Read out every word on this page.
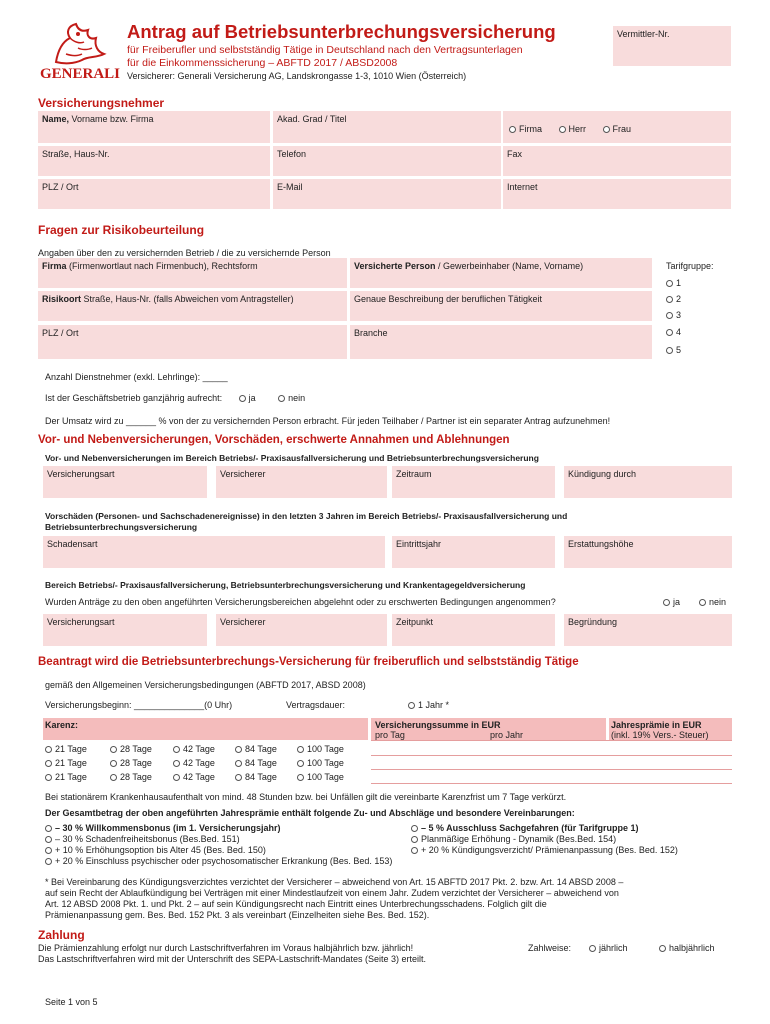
GENERALI
Antrag auf Betriebsunterbrechungsversicherung
für Freiberufler und selbstständig Tätige in Deutschland nach den Vertragsunterlagen
für die Einkommenssicherung – ABFTD 2017 / ABSD2008
Versicherer: Generali Versicherung AG, Landskrongasse 1-3, 1010 Wien (Österreich)
Vermittler-Nr.
Versicherungsnehmer
Name, Vorname bzw. Firma	Akad. Grad / Titel
Firma	Herr	Frau
Straße, Haus-Nr.	Telefon	Fax
PLZ / Ort	E-Mail	Internet
Fragen zur Risikobeurteilung
Angaben über den zu versichernden Betrieb / die zu versichernde Person
Firma (Firmenwortlaut nach Firmenbuch), Rechtsform	Versicherte Person / Gewerbeinhaber (Name, Vorname)	Tarifgruppe:
1
2
3
4
5
Risikoort Straße, Haus-Nr. (falls Abweichen vom Antragsteller)	Genaue Beschreibung der beruflichen Tätigkeit
PLZ / Ort	Branche
Anzahl Dienstnehmer (exkl. Lehrlinge): _____
Ist der Geschäftsbetrieb ganzjährig aufrecht:	ja	nein
Der Umsatz wird zu ______ % von der zu versichernden Person erbracht. Für jeden Teilhaber / Partner ist ein separater Antrag aufzunehmen!
Vor- und Nebenversicherungen, Vorschäden, erschwerte Annahmen und Ablehnungen
Vor- und Nebenversicherungen im Bereich Betriebs/- Praxisausfallversicherung und Betriebsunterbrechungsversicherung
Versicherungsart	Versicherer	Zeitraum	Kündigung durch
Vorschäden (Personen- und Sachschadenereignisse) in den letzten 3 Jahren im Bereich Betriebs/- Praxisausfallversicherung und
Betriebsunterbrechungsversicherung
Schadensart	Eintrittsjahr	Erstattungshöhe
Bereich Betriebs/- Praxisausfallversicherung, Betriebsunterbrechungsversicherung und Krankentagegeldversicherung
Wurden Anträge zu den oben angeführten Versicherungsbereichen abgelehnt oder zu erschwerten Bedingungen angenommen?	ja	nein
Versicherungsart	Versicherer	Zeitpunkt	Begründung
Beantragt wird die Betriebsunterbrechungs-Versicherung für freiberuflich und selbstständig Tätige
gemäß den Allgemeinen Versicherungsbedingungen (ABFTD 2017, ABSD 2008)
Versicherungsbeginn: ______________(0 Uhr)	Vertragsdauer:	1 Jahr *
Karenz:	Versicherungssumme in EUR
pro Tag	pro Jahr
Jahresprämie in EUR
(inkl. 19% Vers.- Steuer)
21 Tage	28 Tage	42 Tage	84 Tage	100 Tage
21 Tage	28 Tage	42 Tage	84 Tage	100 Tage
21 Tage	28 Tage	42 Tage	84 Tage	100 Tage
Bei stationärem Krankenhausaufenthalt von mind. 48 Stunden bzw. bei Unfällen gilt die vereinbarte Karenzfrist um 7 Tage verkürzt.
Der Gesamtbetrag der oben angeführten Jahresprämie enthält folgende Zu- und Abschläge und besondere Vereinbarungen:
– 30 % Willkommensbonus (im 1. Versicherungsjahr)
– 30 % Schadenfreiheitsbonus (Bes.Bed. 151)
+ 10 % Erhöhungsoption bis Alter 45 (Bes. Bed. 150)
+ 20 % Einschluss psychischer oder psychosomatischer Erkrankung (Bes. Bed. 153)
– 5 % Ausschluss Sachgefahren (für Tarifgruppe 1)
Planmäßige Erhöhung - Dynamik (Bes.Bed. 154)
+ 20 % Kündigungsverzicht/ Prämienanpassung (Bes. Bed. 152)
* Bei Vereinbarung des Kündigungsverzichtes verzichtet der Versicherer – abweichend von Art. 15 ABFTD 2017 Pkt. 2. bzw. Art. 14 ABSD 2008 –
auf sein Recht der Ablaufkündigung bei Verträgen mit einer Mindestlaufzeit von einem Jahr. Zudem verzichtet der Versicherer – abweichend von
Art. 12 ABSD 2008 Pkt. 1. und Pkt. 2 – auf sein Kündigungsrecht nach Eintritt eines Unterbrechungsschadens. Folglich gilt die
Prämienanpassung gem. Bes. Bed. 152 Pkt. 3 als vereinbart (Einzelheiten siehe Bes. Bed. 152).
Zahlung
Die Prämienzahlung erfolgt nur durch Lastschriftverfahren im Voraus halbjährlich bzw. jährlich!
Das Lastschriftverfahren wird mit der Unterschrift des SEPA-Lastschrift-Mandates (Seite 3) erteilt.
Zahlweise:	jährlich	halbjährlich
Seite 1 von 5
